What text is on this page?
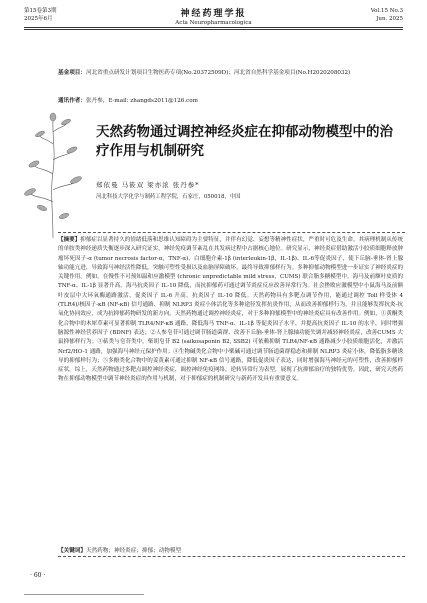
第15卷第3期
2025年6月	神经药理学报
Acta Neuropharmacologica
Vol.15 No.3
Jun. 2025
基金项目：河北省重点研发计划项目生物医药专项(No.20372509D)；河北省自然科学基金项目(No.H2020208032)
通讯作者：张丹参，E-mail: zhangds2011@126.com
天然药物通过调控神经炎症在抑郁动物模型中的治疗作用与机制研究
郑依曼 马筱双 梁亦浓 张丹参*
河北科技大学化学与制药工程学院，石家庄，050018，中国
【摘要】抑郁症以显著持久的情绪低落和思维认知障碍为主要特征，并伴有幻觉、妄想等精神性症状，严重时可危及生命。其病理机制从传统的单胺类神经递质失衡逐步深入研究证实，神经免疫调节紊乱在其发病过程中占据核心地位。研究显示，神经炎症借助激活小胶质细胞释放肿瘤坏死因子-α (tumor necrosis factor-α，TNF-α)、白细胞介素-1β (interleukin-1β，IL-1β)、IL-6等促炎因子，使下丘脑-垂体-肾上腺轴功能亢进，导致海马神经活性降低，突触可塑性受损以及血脑屏障破坏，最终导致抑郁样行为。多种抑郁动物模型进一步证实了神经炎症的关键作用。例如，在慢性不可预知温和应激模型 (chronic unpredictable mild stress，CUMS) 联合脂多糖模型中，海马及前额叶皮质的 TNF-α、IL-1β 显著升高，海马抗炎因子 IL-10 降低，而抗抑郁药可通过调节炎症反应改善异常行为。社会挫败应激模型中小鼠海马及前额叶皮层中大环氧酶通路激活，促炎因子 IL-6 升高，抗炎因子 IL-10 降低。天然药物具有多靶点调节作用，能通过调控 Toll 样受体 4 (TLR4)/核因子-κB (NF-κB) 信号通路、抑制 NLRP3 炎症小体活化等多种途径发挥抗炎作用，从而改善抑郁样行为，并且能够发挥抗炎-抗氧化协同效应，成为抗抑郁药物研发的新方向。天然药物通过调控神经炎症，对于多种抑郁模型中的神经炎症具有改善作用。例如，①黄酮类化合物中的木犀草素可显著抑制 TLR4/NF-κB 通路，降低海马 TNF-α、IL-1β 等促炎因子水平，并提高抗炎因子 IL-10 的水平，同时增强脑源性神经营养因子 (BDNF) 表达；②人参皂苷可通过调节肠道菌群、改善下丘脑-垂体-肾上腺轴功能失调并减轻神经炎症，改善CUMS 大鼠抑郁样行为；③萜类与皂苷类中，柴胡皂苷 B2 (saikosaponin B2, SSB2) 可依赖抑制 TLR4/NF-κB 通路减少小胶质细胞活化，并激活 Nrf2/HO-1 通路，加强海马神经元保护作用；④生物碱类化合物中小檗碱可通过调节肠道菌群稳态和抑制 NLRP3 炎症小体，降低脂多糖诱导的抑郁样行为；⑤多酚类化合物中的姜黄素可通过抑制 NF-κB 信号通路，降低促炎因子表达，同时增强海马神经元的可塑性，改善抑郁样症状。综上，天然药物通过多靶点调控神经炎症，调控神经免疫网络，逆转异常行为表型，展现了抗抑郁治疗的独特优势。因此，研究天然药物在抑郁动物模型中调节神经炎症的作用与机制，对于抑郁症的机制研究与新药开发具有重要意义。
【关键词】天然药物；神经炎症；抑郁；动物模型
· 60 ·
